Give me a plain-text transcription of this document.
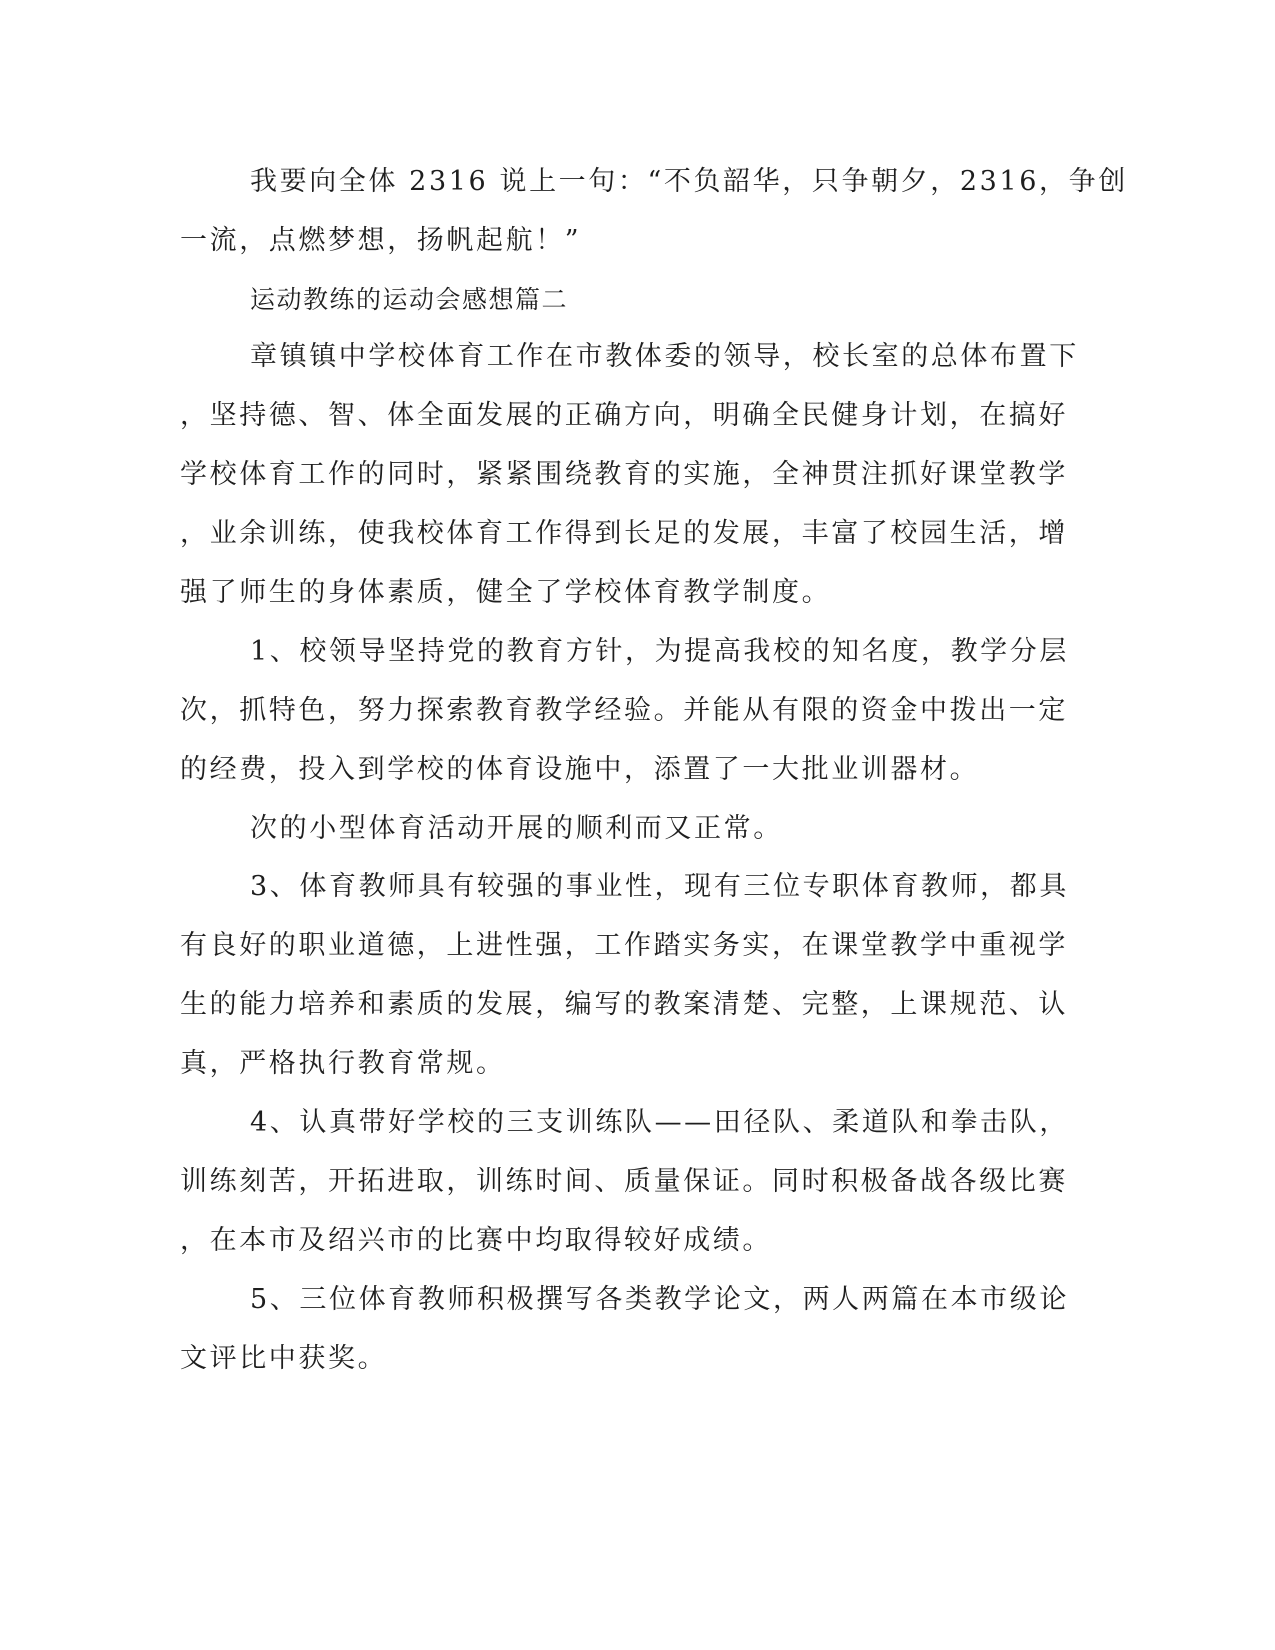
我要向全体 2316 说上一句：“不负韶华，只争朝夕，2316，争创
一流，点燃梦想，扬帆起航！”
运动教练的运动会感想篇二
章镇镇中学校体育工作在市教体委的领导，校长室的总体布置下
，坚持德、智、体全面发展的正确方向，明确全民健身计划，在搞好
学校体育工作的同时，紧紧围绕教育的实施，全神贯注抓好课堂教学
，业余训练，使我校体育工作得到长足的发展，丰富了校园生活，增
强了师生的身体素质，健全了学校体育教学制度。
1、校领导坚持党的教育方针，为提高我校的知名度，教学分层
次，抓特色，努力探索教育教学经验。并能从有限的资金中拨出一定
的经费，投入到学校的体育设施中，添置了一大批业训器材。
次的小型体育活动开展的顺利而又正常。
3、体育教师具有较强的事业性，现有三位专职体育教师，都具
有良好的职业道德，上进性强，工作踏实务实，在课堂教学中重视学
生的能力培养和素质的发展，编写的教案清楚、完整，上课规范、认
真，严格执行教育常规。
4、认真带好学校的三支训练队——田径队、柔道队和拳击队，
训练刻苦，开拓进取，训练时间、质量保证。同时积极备战各级比赛
，在本市及绍兴市的比赛中均取得较好成绩。
5、三位体育教师积极撰写各类教学论文，两人两篇在本市级论
文评比中获奖。
